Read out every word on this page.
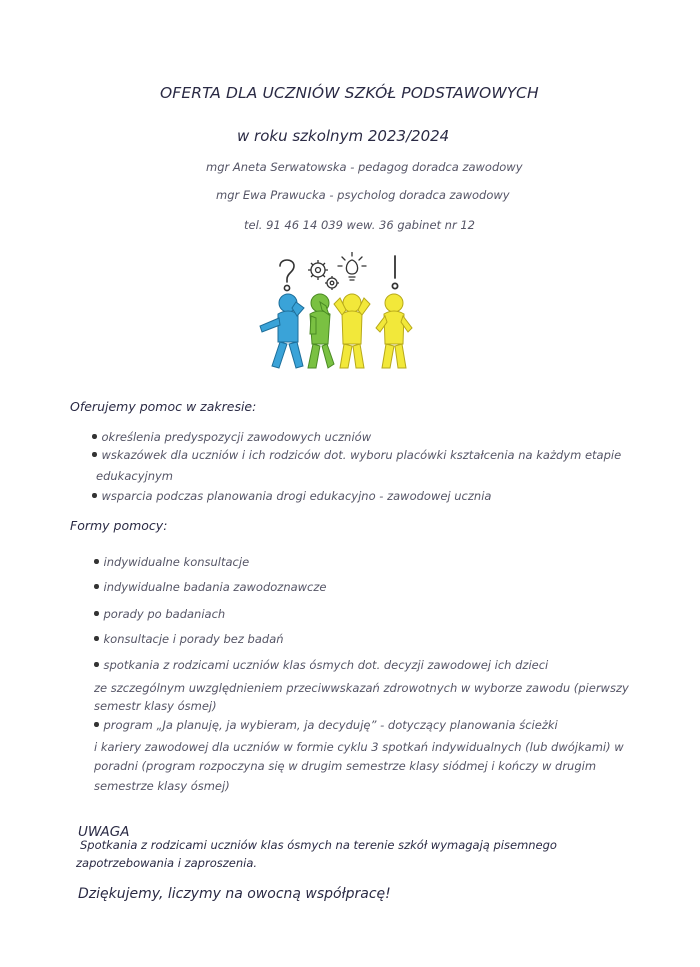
OFERTA DLA UCZNIÓW SZKÓŁ PODSTAWOWYCH
w roku szkolnym 2023/2024
mgr Aneta Serwatowska - pedagog doradca zawodowy
mgr Ewa Prawucka - psycholog doradca zawodowy
tel. 91 46 14 039 wew. 36 gabinet nr 12
Oferujemy pomoc w zakresie:
określenia predyspozycji zawodowych uczniów
wskazówek dla uczniów i ich rodziców dot. wyboru placówki kształcenia na każdym etapie
edukacyjnym
wsparcia podczas planowania drogi edukacyjno - zawodowej ucznia
Formy pomocy:
indywidualne konsultacje
indywidualne badania zawodoznawcze
porady po badaniach
konsultacje i porady bez badań
spotkania z rodzicami uczniów klas ósmych dot. decyzji zawodowej ich dzieci
ze szczególnym uwzględnieniem przeciwwskazań zdrowotnych w wyborze zawodu (pierwszy
semestr klasy ósmej)
program „Ja planuję, ja wybieram, ja decyduję” - dotyczący planowania ścieżki
i kariery zawodowej dla uczniów w formie cyklu 3 spotkań indywidualnych (lub dwójkami) w
poradni (program rozpoczyna się w drugim semestrze klasy siódmej i kończy w drugim
semestrze klasy ósmej)
UWAGA
Spotkania z rodzicami uczniów klas ósmych na terenie szkół wymagają pisemnego
zapotrzebowania i zaproszenia.
Dziękujemy, liczymy na owocną współpracę!
